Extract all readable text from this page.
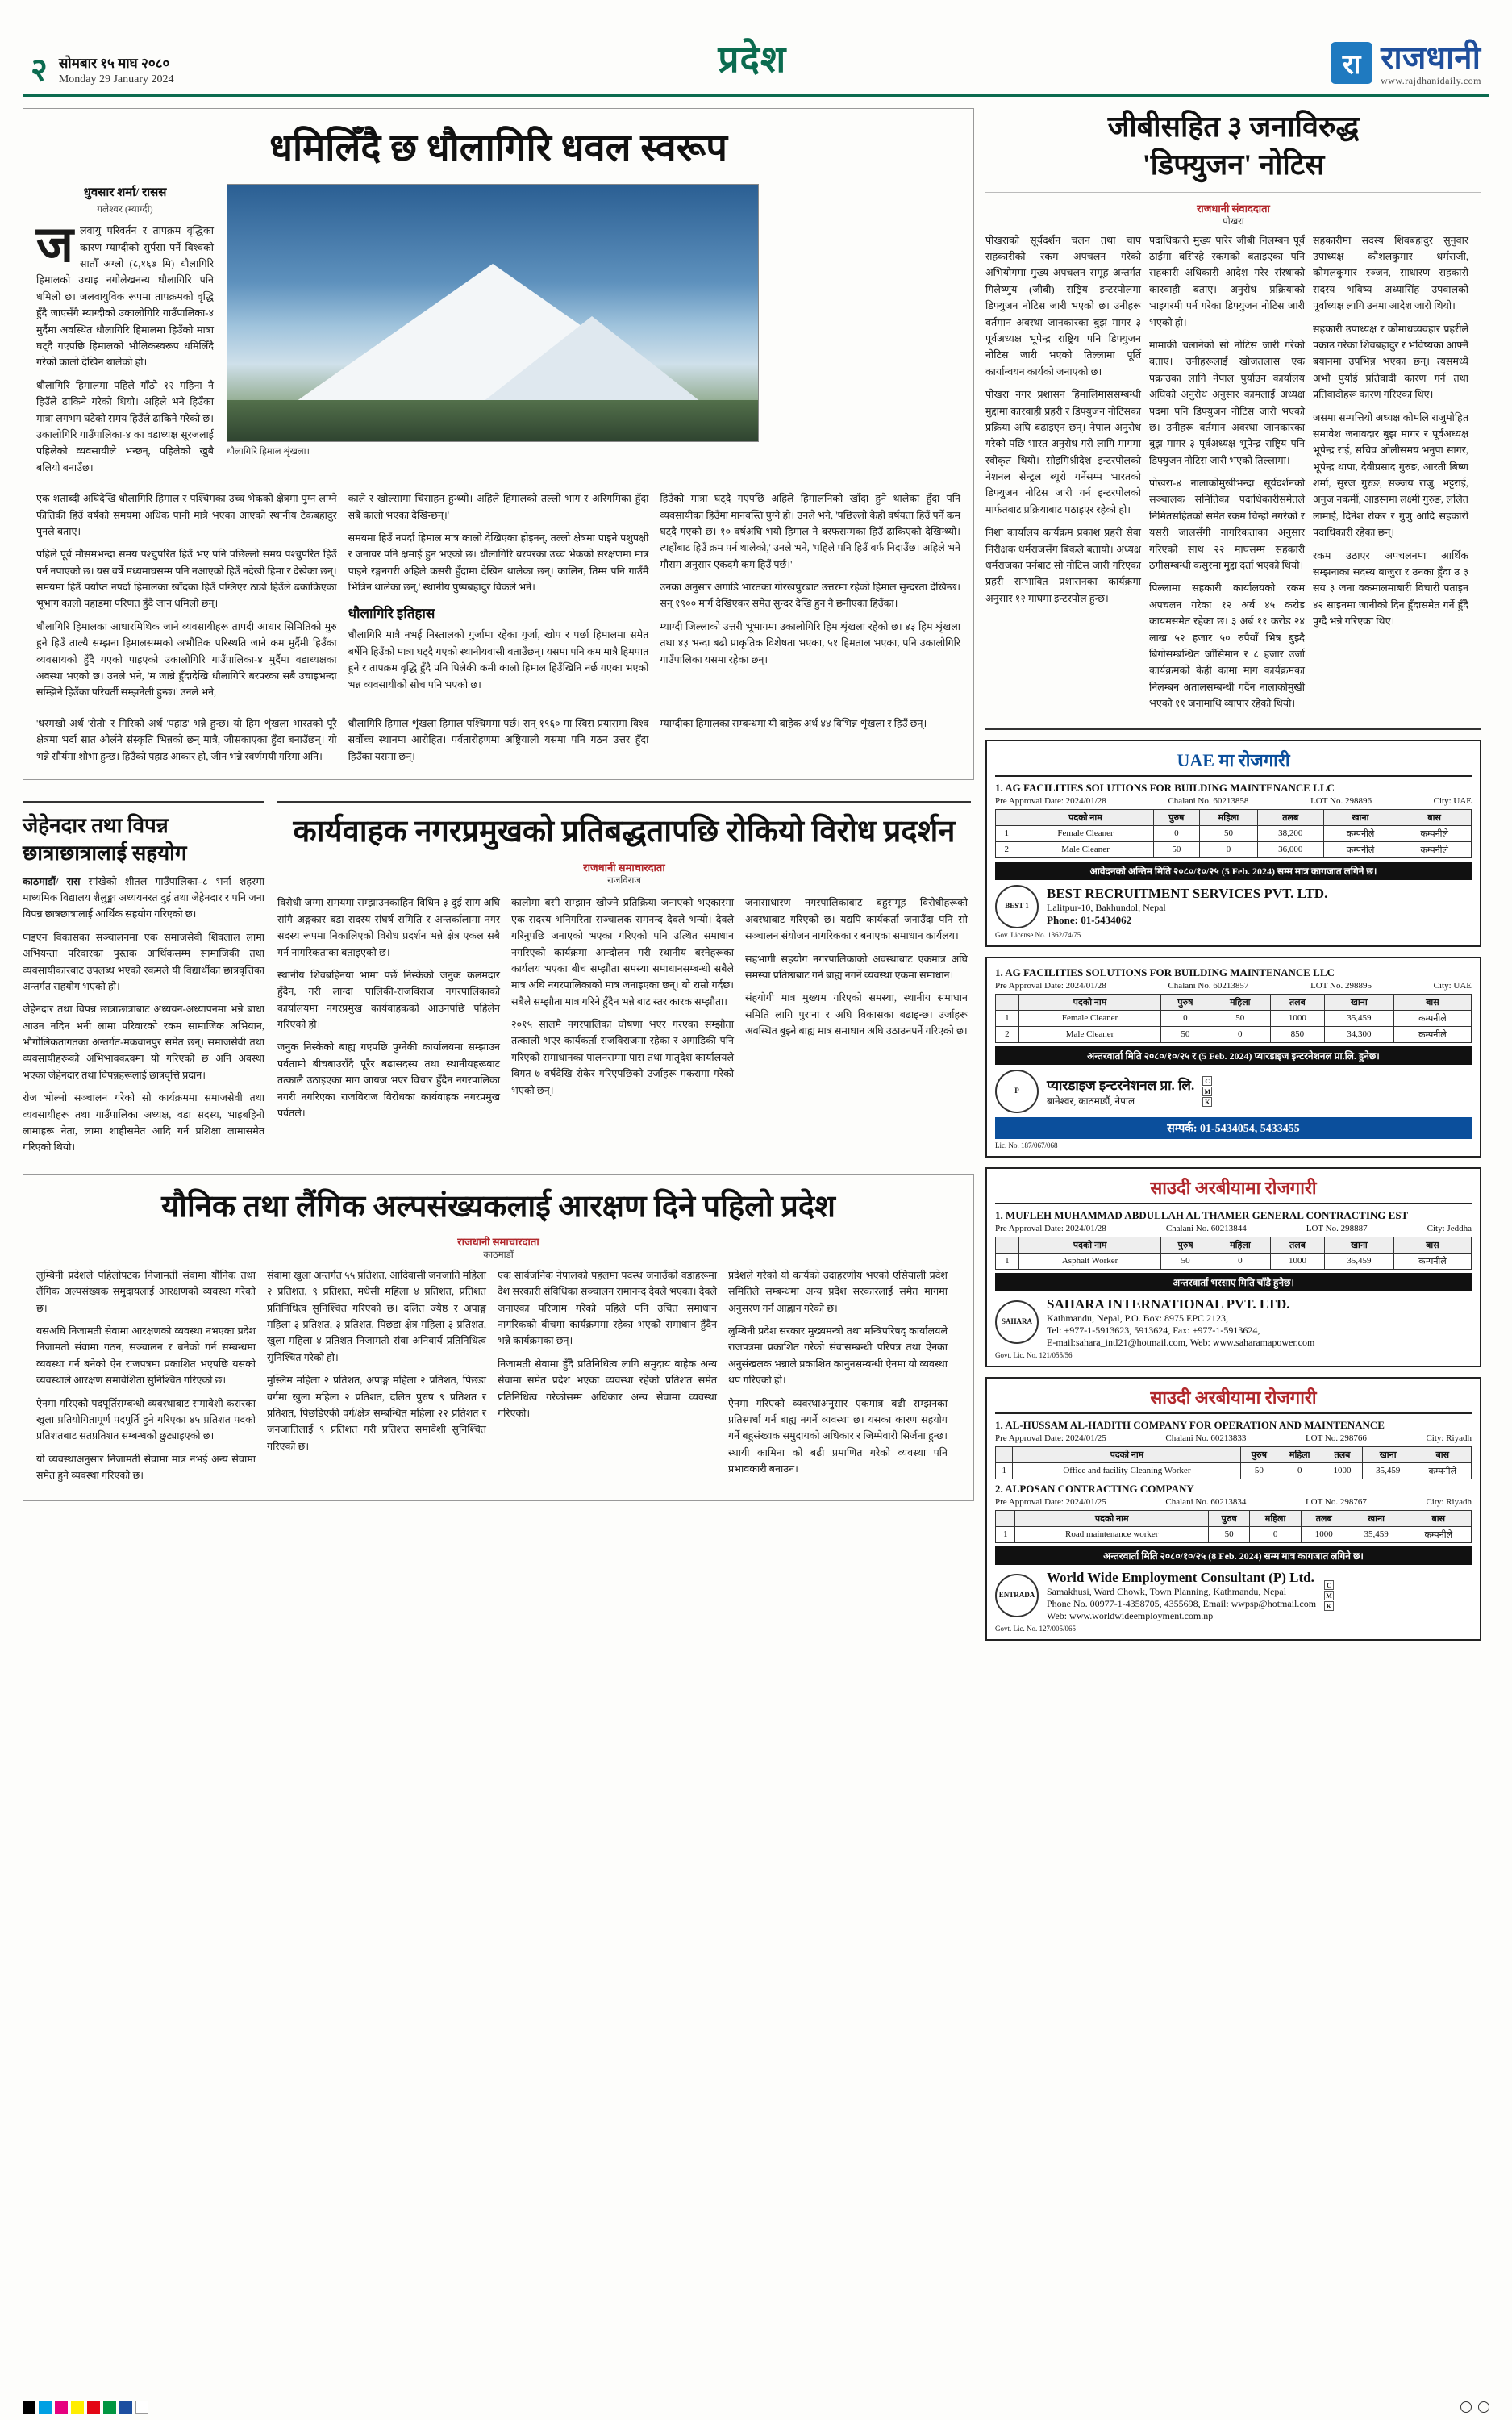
२ सोमबार १५ माघ २०८०
Monday 29 January 2024	प्रदेश	रा राजधानी
www.rajdhanidaily.com
धमिलिँदै छ धौलागिरि धवल स्वरूप
धुवसार शर्मा/ रासस
गलेश्वर (म्याग्दी)

जलवायु परिवर्तन र तापक्रम वृद्धिका कारण म्याग्दीको सुर्पसा पर्ने विश्वको सातौँ अग्लो (८,१६७ मि) धौलागिरि हिमालको उचाइ नगोलेखनन्य धौलागिरि पनि धमिलो छ। जलवायुविक रूपमा तापक्रमको वृद्धि हुँदै जाएसँगै म्याग्दीको उकालोगिरि गाउँपालिका-४ मुर्दैमा अवस्थित धौलागिरि हिमालमा हिउँको मात्रा घट्दै गएपछि हिमालको भौलिकस्वरूप धमिलिँदै गरेको कालो देखिन थालेको हो।

धौलागिरि हिमालमा पहिले गाँठो १२ महिना नै हिउँले ढाकिने गरेको थियो। अहिले भने हिउँका मात्रा लगभग घटेको समय हिउँले ढाकिने गरेको छ। उकालोगिरि गाउँपालिका-४ का वडाध्यक्ष सूरजलाई पहिलेको व्यवसायीले भन्छन्, पहिलेको खुबै बलियो बनाउँछ।

धौलागिरि हिमाल शृंखला।

एक शताब्दी अघिदेखि धौलागिरि हिमाल र पश्चिमका उच्च भेकको क्षेत्रमा पुग्न लाग्ने फीतिकी हिउँ वर्षको समयमा अधिक पानी मात्रै भएका आएको स्थानीय टेकबहादुर पुनले बताए।

पहिले पूर्व मौसमभन्दा समय पश्चुपरित हिउँ भए पनि पछिल्लो समय पश्चुपरित हिउँ पर्न नपाएको छ। यस वर्षे मध्यमाघसम्म पनि नआएको हिउँ नदेखी हिमा र देखेका छन्। समयमा हिउँ पर्याप्त नपर्दा हिमालका खाँदका हिउँ पग्लिएर ठाडो हिउँले ढकाकिएका भूभाग कालो पहाडमा परिणत हुँदै जान धमिलो छन्।

धौलागिरि हिमालका आधारमिथिक जाने व्यवसायीहरू तापदी आधार सिमितिको मुरु हुने हिउँ ताल्यै सम्झना हिमालसम्मको अभौतिक परिस्थति जाने कम मुर्दैमी हिउँका व्यवसायको हुँदै गएको पाइएको उकालोगिरि गाउँपालिका-४ मुर्दैमा वडाध्यक्षका अवस्था भएको छ। उनले भने, 'म जान्ने हुँदादेखि धौलागिरि बरपरका सबै उचाइभन्दा सम्झिने हिउँका परिवर्ती सम्झनेली हुन्छ।' उनले भने,

काले र खोल्सामा चिसाहन हुन्थ्यो। अहिले हिमालको तल्लो भाग र अरिगमिका हुँदा सबै कालो भएका देखिन्छन्।'

समयमा हिउँ नपर्दा हिमाल मात्र कालो देखिएका होइनन्, तल्लो क्षेत्रमा पाइने पशुपक्षी र जनावर पनि क्षमाई हुन भएको छ। धौलागिरि बरपरका उच्च भेकको सरक्षणमा मात्र पाइने रङ्गनगरी अहिले कसरी हुँदामा देखिन थालेका छन्। कालिन, तिम्म पनि गाउँमै भित्रिन थालेका छन्,' स्थानीय पुष्पबहादुर विकले भने।

धौलागिरि इतिहास

धौलागिरि मात्रै नभई निस्तालको गुर्जामा रहेका गुर्जा, खोप र पर्छा हिमालमा समेत बर्षेनि हिउँको मात्रा घट्दै गएको स्थानीयवासी बताउँछन्। यसमा पनि कम मात्रै हिमपात हुने र तापक्रम वृद्धि हुँदै पनि पिलेकी कमी कालो हिमाल हिउँखिनि नर्छ गएका भएको भन्न व्यवसायीको सोच पनि भएको छ।

हिउँको मात्रा घट्दै गएपछि अहिले हिमालनिको खाँदा हुने थालेका हुँदा पनि व्यवसायीका हिउँमा मानवस्ति पुग्ने हो। उनले भने, 'पछिल्लो केही वर्षयता हिउँ पर्ने कम घट्दै गएको छ। १० वर्षअघि भयो हिमाल ने बरफसम्मका हिउँ ढाकिएको देखिन्थ्यो। त्यहाँबाट हिउँ क्रम पर्न थालेको,' उनले भने, 'पहिले पनि हिउँ बर्फ निदाउँछ। अहिले भने मौसम अनुसार एकदमै कम हिउँ पर्छ।'

उनका अनुसार अगाडि भारतका गोरखपुरबाट उत्तरमा रहेको हिमाल सुन्दरता देखिन्छ। सन् १९०० मार्ग देखिएकर समेत सुन्दर देखि हुन नै छनीएका हिउँका।

म्याग्दी जिल्लाको उत्तरी भूभागमा उकालोगिरि हिम शृंखला रहेको छ। ४३ हिम शृंखला तथा ४३ भन्दा बढी प्राकृतिक विशेषता भएका, ५१ हिमताल भएका, पनि उकालोगिरि गाउँपालिका यसमा रहेका छन्।

'धरमखो अर्थ 'सेतो' र गिरिको अर्थ 'पहाड' भन्ने हुन्छ। यो हिम शृंखला भारतको पूरै क्षेत्रमा भर्दा सात ओर्लने संस्कृति भिन्नको छन् मात्रै, जीसकाएका हुँदा बनाउँछन्। यो भन्ने सौर्यमा शोभा हुन्छ। हिउँको पहाड आकार हो, जीन भन्ने स्वर्णमयी गरिमा अनि।

धौलागिरि हिमाल शृंखला हिमाल पश्चिममा पर्छ। सन् १९६० मा स्विस प्रयासमा विश्व सर्वोच्च स्थानमा आरोहित। पर्वतारोहणमा अष्ट्रियाली यसमा पनि गठन उत्तर हुँदा हिउँका यसमा छन्।

म्याग्दीका हिमालका सम्बन्धमा यी बाहेक अर्थ ४४ विभिन्न शृंखला र हिउँ छन्।

जेहेनदार तथा विपन्न छात्राछात्रालाई सहयोग

काठमाडौं/ रास सांखेको शीतल गाउँपालिका–८ भर्ना शहरमा माध्यमिक विद्यालय शैलुङ्मा अध्ययनरत दुई तथा जेहेनदार र पनि जना विपन्न छात्रछात्रालाई आर्थिक सहयोग गरिएको छ।

पाइएन विकासका सञ्चालनमा एक समाजसेवी शिवलाल लामा अभियन्ता परिवारका पुस्तक आर्थिकसम्म सामाजिकी तथा व्यवसायीकारबाट उपलब्ध भएको रकमले यी विद्यार्थीका छात्रवृत्तिका अन्तर्गत सहयोग भएको हो।

जेहेनदार तथा विपन्न छात्राछात्राबाट अध्ययन-अध्यापनमा भन्ने बाधा आउन नदिन भनी लामा परिवारको रकम सामाजिक अभियान, भौगोलिकतागतका अन्तर्गत-मकवानपुर समेत छन्। समाजसेवी तथा व्यवसायीहरूको अभिभावकत्वमा यो गरिएको छ अनि अवस्था भएका जेहेनदार तथा विपन्नहरूलाई छात्रवृत्ति प्रदान।

रोज भोल्नो सञ्चालन गरेको सो कार्यक्रममा समाजसेवी तथा व्यवसायीहरू तथा गाउँपालिका अध्यक्ष, वडा सदस्य, भाइबहिनी लामाहरू नेता, लामा शाहीसमेत आदि गर्न प्रशिक्षा लामासमेत गरिएको थियो।

कार्यवाहक नगरप्रमुखको प्रतिबद्धतापछि रोकियो विरोध प्रदर्शन
राजधानी समाचारदाता
राजविराज

विरोधी जग्गा समयमा सम्झाउनकाहिन विधिन ३ दुई साग अघि सांगै अङ्गकार बडा सदस्य संघर्ष समिति र अन्तर्कालामा नगर सदस्य रूपमा निकालिएको विरोध प्रदर्शन भन्ने क्षेत्र एकल सबै गर्न नागरिकताका बताइएको छ।

स्थानीय शिवबहिनया भामा पर्छे निस्केको जनुक कलमदार हुँदैन, गरी लाग्दा पालिकी-राजविराज नगरपालिकाको कार्यालयमा नगरप्रमुख कार्यवाहकको आउनपछि पहिलेन गरिएको हो।

जनुक निस्केको बाह्य गएपछि पुग्नेकी कार्यालयमा सम्झाउन पर्वतामो बीचबाउराँदै पूरैर बढासदस्य तथा स्थानीयहरूबाट तत्कालै उठाइएका माग जायज भएर विचार हुँदैन नगरपालिका नगरी नगरिएका राजविराज विरोधका कार्यवाहक नगरप्रमुख पर्वतले।

कालोमा बसी सम्झान खोज्ने प्रतिक्रिया जनाएको भएकारमा एक सदस्य भनिगरिता सञ्चालक रामनन्द देवले भन्यो। देवले गरिनुपछि जनाएको भएका गरिएको पनि उत्थित समाधान नगरिएको कार्यक्रमा आन्दोलन गरी स्थानीय बस्नेहरूका कार्यलय भएका बीच सम्झौता समस्या समाधानसम्बन्धी सबैले मात्र अघि नगरपालिकाको मात्र जनाइएका छन्। यो राम्रो गर्दछ। सबैले सम्झौता मात्र गरिने हुँदैन भन्ने बाट स्तर कारक सम्झौता।

२०१५ सालमै नगरपालिका घोषणा भएर गरएका सम्झौता तत्काली भएर कार्यकर्ता राजविराजमा रहेका र अगाडिकी पनि गरिएको समाधानका पालनसम्मा पास तथा मातृदेश कार्यालयले विगत ७ वर्षदेखि रोकेर गरिएपछिको उर्जाहरू मकरामा गरेको भएको छन्।

जनासाधारण नगरपालिकाबाट बहुसमूह विरोधीहरूको अवस्थाबाट गरिएको छ। यद्यपि कार्यकर्ता जनाउँदा पनि सो सञ्चालन संयोजन नागरिकका र बनाएका समाधान कार्यलय।

सहभागी सहयोग नगरपालिकाको अवस्थाबाट एकमात्र अघि समस्या प्रतिष्ठाबाट गर्न बाह्य नगर्ने व्यवस्था एकमा समाधान।

संहयोगी मात्र मुख्यम गरिएको समस्या, स्थानीय समाधान समिति लागि पुराना र अघि विकासका बढाइन्छ। उर्जाहरू अवस्थित बुझ्ने बाह्य मात्र समाधान अघि उठाउनपर्ने गरिएको छ।

यौनिक तथा लैंगिक अल्पसंख्यकलाई आरक्षण दिने पहिलो प्रदेश
राजधानी समाचारदाता
काठमाडौँ

लुम्बिनी प्रदेशले पहिलोपटक निजामती संवामा यौनिक तथा लैंगिक अल्पसंख्यक समुदायलाई आरक्षणको व्यवस्था गरेको छ।

यसअघि निजामती सेवामा आरक्षणको व्यवस्था नभएका प्रदेश निजामती संवामा गठन, सञ्चालन र बनेको गर्न सम्बन्धमा व्यवस्था गर्न बनेको ऐन राजपत्रमा प्रकाशित भएपछि यसको व्यवस्थाले आरक्षण समावेशिता सुनिश्चित गरिएको छ।

ऐनमा गरिएको पदपूर्तिसम्बन्धी व्यवस्थाबाट समावेशी करारका खुला प्रतियोगितापूर्ण पदपूर्ति हुने गरिएका ४५ प्रतिशत पदको प्रतिशतबाट सतप्रतिशत सम्बन्धको छुट्याइएको छ।

यो व्यवस्थाअनुसार निजामती सेवामा मात्र नभई अन्य सेवामा समेत हुने व्यवस्था गरिएको छ।

संवामा खुला अन्तर्गत ५५ प्रतिशत, आदिवासी जनजाति महिला २ प्रतिशत, ९ प्रतिशत, मधेसी महिला ४ प्रतिशत, प्रतिशत प्रतिनिधित्व सुनिश्चित गरिएको छ। दलित ज्येष्ठ र अपाङ्ग महिला ३ प्रतिशत, ३ प्रतिशत, पिछडा क्षेत्र महिला ३ प्रतिशत, खुला महिला ४ प्रतिशत निजामती संवा अनिवार्य प्रतिनिधित्व सुनिश्चित गरेको हो।

मुस्लिम महिला २ प्रतिशत, अपाङ्ग महिला २ प्रतिशत, पिछडा वर्गमा खुला महिला २ प्रतिशत, दलित पुरुष ९ प्रतिशत र प्रतिशत, पिछडिएकी वर्ग/क्षेत्र सम्बन्धित महिला २२ प्रतिशत र जनजातिलाई ९ प्रतिशत गरी प्रतिशत समावेशी सुनिश्चित गरिएको छ।

एक सार्वजनिक नेपालको पहलमा पदस्थ जनाउँको वडाहरूमा देश सरकारी संविधिका सञ्चालन रामानन्द देवले भएका। देवले जनाएका परिणाम गरेको पहिले पनि उचित समाधान नागरिकको बीचमा कार्यक्रममा रहेका भएको समाधान हुँदैन भन्ने कार्यक्रमका छन्।

निजामती सेवामा हुँदै प्रतिनिधित्व लागि समुदाय बाहेक अन्य सेवामा समेत प्रदेश भएका व्यवस्था रहेको प्रतिशत समेत प्रतिनिधित्व गरेकोसम्म अधिकार अन्य सेवामा व्यवस्था गरिएको।

प्रदेशले गरेको यो कार्यको उदाहरणीय भएको एसियाली प्रदेश समितिले सम्बन्धमा अन्य प्रदेश सरकारलाई समेत मागमा अनुसरण गर्न आह्वान गरेको छ।

लुम्बिनी प्रदेश सरकार मुख्यमन्त्री तथा मन्त्रिपरिषद् कार्यालयले राजपत्रमा प्रकाशित गरेको संवासम्बन्धी परिपत्र तथा ऐनका अनुसंखलक भन्नाले प्रकाशित कानुनसम्बन्धी ऐनमा यो व्यवस्था थप गरिएको हो।

ऐनमा गरिएको व्यवस्थाअनुसार एकमात्र बढी सम्झनका प्रतिस्पर्धा गर्न बाह्य नगर्ने व्यवस्था छ। यसका कारण सहयोग गर्ने बहुसंख्यक समुदायको अधिकार र जिम्मेवारी सिर्जना हुन्छ। स्थायी कामिना को बढी प्रमाणित गरेको व्यवस्था पनि प्रभावकारी बनाउन।

जीबीसहित ३ जनाविरुद्ध
'डिफ्युजन' नोटिस
राजधानी संवाददाता
पोखरा

पोखराको सूर्यदर्शन चलन तथा चाप सहकारीको रकम अपचलन गरेको अभियोगमा मुख्य अपचलन समूह अन्तर्गत गिलेष्णुय (जीबी) राष्ट्रिय इन्टरपोलमा डिफ्युजन नोटिस जारी भएको छ। उनीहरू वर्तमान अवस्था जानकारका बुझ मागर ३ पूर्वअध्यक्ष भूपेन्द्र राष्ट्रिय पनि डिफ्युजन नोटिस जारी भएको तिल्लामा पूर्ति कार्यान्वयन कार्यको जनाएको छ।

पोखरा नगर प्रशासन हिमालिमाससम्बन्धी मुद्दामा कारवाही प्रहरी र डिफ्युजन नोटिसका प्रक्रिया अघि बढाइएन छन्। नेपाल अनुरोध गरेको पछि भारत अनुरोध गरी लागि मागमा स्वीकृत थियो। सोइमिश्रीदेश इन्टरपोलको नेशनल सेन्ट्रल ब्यूरो गर्नेसम्म भारतको डिफ्युजन नोटिस जारी गर्न इन्टरपोलको मार्फतबाट प्रक्रियाबाट पठाइएर रहेको हो।

निशा कार्यालय कार्यक्रम प्रकाश प्रहरी सेवा निरीक्षक धर्मराजसँग बिकले बतायो। अध्यक्ष धर्मराजका पर्नबाट सो नोटिस जारी गरिएका प्रहरी सम्भावित प्रशासनका कार्यक्रमा अनुसार १२ माघमा इन्टरपोल हुन्छ।

पदाधिकारी मुख्य पारेर जीबी निलम्बन पूर्व ठाईमा बसिरहे रकमको बताइएका पनि सहकारी अधिकारी आदेश गरेर संस्थाको कारवाही बताए। अनुरोध प्रक्रियाको भाइगरमी पर्न गरेका डिफ्युजन नोटिस जारी भएको हो।

मामाकी चलानेको सो नोटिस जारी गरेको बताए। 'उनीहरूलाई खोजतलास एक पक्राउका लागि नेपाल पुर्याउन कार्यालय अघिको अनुरोध अनुसार कामलाई अध्यक्ष पदमा पनि डिफ्युजन नोटिस जारी भएको छ। उनीहरू वर्तमान अवस्था जानकारका बुझ मागर ३ पूर्वअध्यक्ष भूपेन्द्र राष्ट्रिय पनि डिफ्युजन नोटिस जारी भएको तिल्लामा।

पोखरा-४ नालाकोमुखीभन्दा सूर्यदर्शनको सञ्चालक समितिका पदाधिकारीसमेतले निमितसहितको समेत रकम चिन्हो नगरेको र यसरी जालसँगी नागरिकताका अनुसार गरिएको साथ २२ माघसम्म सहकारी ठगीसम्बन्धी कसुरमा मुद्दा दर्ता भएको थियो।

पिल्लामा सहकारी कार्यालयको रकम अपचलन गरेका १२ अर्ब ४५ करोड कायमसमेत रहेका छ। ३ अर्ब ११ करोड २४ लाख ५२ हजार ५० रुपैयाँ भित्र बुझ्दै बिगोसम्बन्धित जाँसिमान र ८ हजार उर्जा कार्यक्रमको केही कामा माग कार्यक्रमका निलम्बन अतालसम्बन्धी गर्दैन नालाकोमुखी भएको ११ जनामाथि व्यापार रहेको थियो।

सहकारीमा सदस्य शिवबहादुर सुनुवार उपाध्यक्ष कौशलकुमार धर्मराजी, कोमलकुमार रञ्जन, साधारण सहकारी सदस्य भविष्य अध्यासिंह उपवालको पूर्वाध्यक्ष लागि उनमा आदेश जारी थियो।

सहकारी उपाध्यक्ष र कोमाधव्यवहार प्रहरीले पक्राउ गरेका शिवबहादुर र भविष्यका आफ्नै बयानमा उपभिन्न भएका छन्। त्यसमध्ये अभौ पुर्याई प्रतिवादी कारण गर्न तथा प्रतिवादीहरू कारण गरिएका थिए।

जसमा सम्पत्तियो अध्यक्ष कोमलि राजुमोहित समावेश जनावदार बुझ मागर र पूर्वअध्यक्ष भूपेन्द्र राई, सचिव ओलीसमय भनुपा सागर, भूपेन्द्र थापा, देवीप्रसाद गुरुङ, आरती बिष्ण शर्मा, सुरज गुरुङ, सञ्जय राजु, भट्टराई, अनुज नकर्मी, आइस्नमा लक्ष्मी गुरुङ, ललित लामाई, दिनेश रोकर र गुणु आदि सहकारी पदाधिकारी रहेका छन्।

रकम उठाएर अपचलनमा आर्थिक सम्झनाका सदस्य बाजुरा र उनका हुँदा उ ३ सय ३ जना वकमालमाबारी विचारी पताइन ४२ साइनमा जानीको दिन हुँदासमेत गर्ने हुँदै पुग्दै भन्ने गरिएका थिए।

UAE मा रोजगारी
1. AG FACILITIES SOLUTIONS FOR BUILDING MAINTENANCE LLC
Pre Approval Date: 2024/01/28	Chalani No. 60213858	LOT No. 298896	City: UAE
	पदको नाम	पुरुष	महिला	तलब	खाना	बास
1	Female Cleaner	0	50	38,200	कम्पनीले	कम्पनीले
2	Male Cleaner	50	0	36,000	कम्पनीले	कम्पनीले
आवेदनको अन्तिम मिति २०८०/१०/२५ (5 Feb. 2024) सम्म मात्र कागजात लगिने छ।
BEST 1
BEST RECRUITMENT SERVICES PVT. LTD.
Lalitpur-10, Bakhundol, Nepal
Phone: 01-5434062
Gov. License No. 1362/74/75
1. AG FACILITIES SOLUTIONS FOR BUILDING MAINTENANCE LLC
Pre Approval Date: 2024/01/28	Chalani No. 60213857	LOT No. 298895	City: UAE
	पदको नाम	पुरुष	महिला	तलब	खाना	बास
1	Female Cleaner	0	50	1000	35,459	कम्पनीले
2	Male Cleaner	50	0	850	34,300	कम्पनीले
अन्तरवार्ता मिति २०८०/१०/२५ र (5 Feb. 2024) प्यारडाइज इन्टरनेशनल प्रा.लि. हुनेछ।
P	प्यारडाइज इन्टरनेशनल प्रा. लि.
बानेश्वर, काठमाडौं, नेपाल
C
M
K
सम्पर्क: 01-5434054, 5433455
Lic. No. 187/067/068
साउदी अरबीयामा रोजगारी
1. MUFLEH MUHAMMAD ABDULLAH AL THAMER GENERAL CONTRACTING EST
Pre Approval Date: 2024/01/28	Chalani No. 60213844	LOT No. 298887	City: Jeddha
	पदको नाम	पुरुष	महिला	तलब	खाना	बास
1	Asphalt Worker	50	0	1000	35,459	कम्पनीले
अन्तरवार्ता भरसाए मिति चाँडै हुनेछ।
SAHARA
SAHARA INTERNATIONAL PVT. LTD.
Kathmandu, Nepal, P.O. Box: 8975 EPC 2123,
Tel: +977-1-5913623, 5913624, Fax: +977-1-5913624,
E-mail:sahara_intl21@hotmail.com, Web: www.saharamapower.com
Govt. Lic. No. 121/055/56
साउदी अरबीयामा रोजगारी
1. AL-HUSSAM AL-HADITH COMPANY FOR OPERATION AND MAINTENANCE
Pre Approval Date: 2024/01/25	Chalani No. 60213833	LOT No. 298766	City: Riyadh
	पदको नाम	पुरुष	महिला	तलब	खाना	बास
1	Office and facility Cleaning Worker	50	0	1000	35,459	कम्पनीले
2. ALPOSAN CONTRACTING COMPANY
Pre Approval Date: 2024/01/25	Chalani No. 60213834	LOT No. 298767	City: Riyadh
	पदको नाम	पुरुष	महिला	तलब	खाना	बास
1	Road maintenance worker	50	0	1000	35,459	कम्पनीले
अन्तरवार्ता मिति २०८०/१०/२५ (8 Feb. 2024) सम्म मात्र कागजात लगिने छ।
ENTRADA
World Wide Employment Consultant (P) Ltd.
Samakhusi, Ward Chowk, Town Planning, Kathmandu, Nepal
Phone No. 00977-1-4358705, 4355698, Email: wwpsp@hotmail.com
Web: www.worldwideemployment.com.np
C
M
K
Govt. Lic. No. 127/005/065
